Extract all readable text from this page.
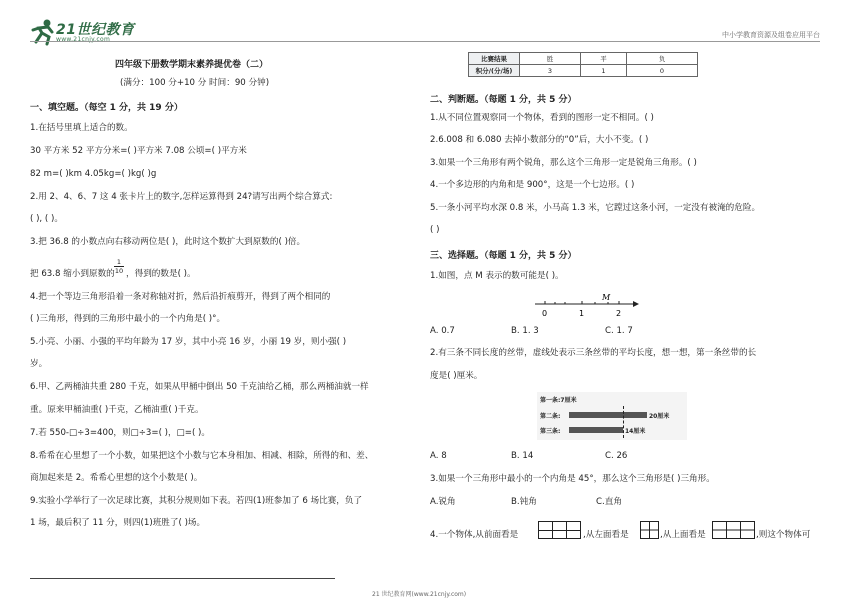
21世纪教育
www.21cnjy.com
中小学教育资源及组卷应用平台
四年级下册数学期末素养提优卷（二）
(满分：100 分+10 分 时间：90 分钟)
一、填空题。（每空 1 分，共 19 分）
1.在括号里填上适合的数。
30 平方米 52 平方分米=( )平方米 7.08 公顷=( )平方米
82 m=( )km 4.05kg=( )kg( )g
2.用 2、4、6、7 这 4 张卡片上的数字,怎样运算得到 24?请写出两个综合算式:
( ), ( )。
3.把 36.8 的小数点向右移动两位是( )，此时这个数扩大到原数的( )倍。
把 63.8 缩小到原数的 $\frac{1}{10}$ ，得到的数是( )。
4.把一个等边三角形沿着一条对称轴对折，然后沿折痕剪开，得到了两个相同的
( )三角形，得到的三角形中最小的一个内角是( )°。
5.小亮、小丽、小强的平均年龄为 17 岁，其中小亮 16 岁，小丽 19 岁，则小强( )
岁。
6.甲、乙两桶油共重 280 千克，如果从甲桶中倒出 50 千克油给乙桶，那么两桶油就一样
重。原来甲桶油重( )千克，乙桶油重( )千克。
7.若 550-□÷3=400，则□÷3=( )，□=( )。
8.希希在心里想了一个小数，如果把这个小数与它本身相加、相减、相除，所得的和、差、
商加起来是 2。希希心里想的这个小数是( )。
9.实验小学举行了一次足球比赛，其积分规则如下表。若四(1)班参加了 6 场比赛，负了
1 场，最后积了 11 分，则四(1)班胜了( )场。
21 世纪教育网(www.21cnjy.com)
比赛结果	胜	平	负
积分/(分/场)	3	1	0
二、判断题。（每题 1 分，共 5 分）
1.从不同位置观察同一个物体，看到的图形一定不相同。( )
2.6.008 和 6.080 去掉小数部分的“0”后，大小不变。( )
3.如果一个三角形有两个锐角，那么这个三角形一定是锐角三角形。( )
4.一个多边形的内角和是 900°，这是一个七边形。( )
5.一条小河平均水深 0.8 米，小马高 1.3 米，它蹚过这条小河，一定没有被淹的危险。
( )
三、选择题。（每题 1 分，共 5 分）
1.如图，点 M 表示的数可能是( )。
0	1	2
M
A. 0.7	B. 1. 3	C. 1. 7
2.有三条不同长度的丝带，虚线处表示三条丝带的平均长度，想一想，第一条丝带的长
度是( )厘米。
第一条:7厘米
第二条:
第三条:
20厘米
14厘米
A. 8	B. 14	C. 26
3.如果一个三角形中最小的一个内角是 45°，那么这个三角形是( )三角形。
A.锐角	B.钝角	C.直角
4.一个物体,从前面看是	,从左面看是	,从上面看是	,则这个物体可
